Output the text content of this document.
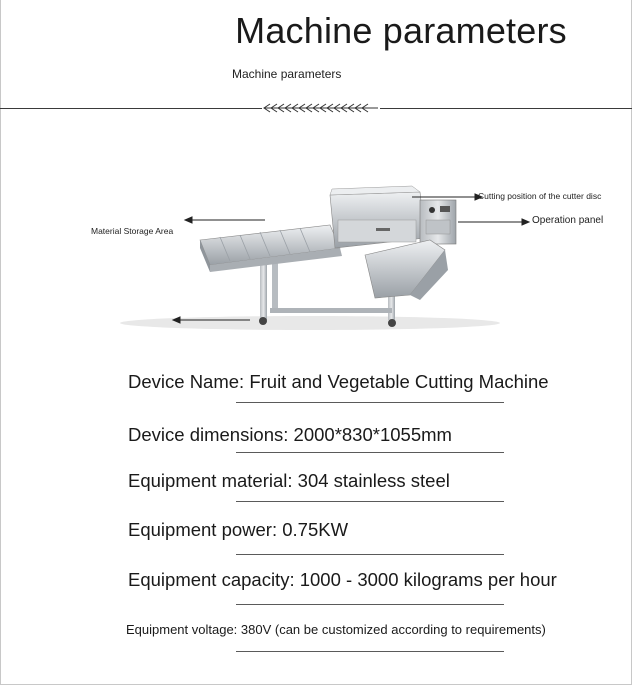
Machine parameters
Machine parameters
Cutting position of the cutter disc
Operation panel
Material Storage Area
Device Name: Fruit and Vegetable Cutting Machine
Device dimensions: 2000*830*1055mm
Equipment material: 304 stainless steel
Equipment power: 0.75KW
Equipment capacity: 1000 - 3000 kilograms per hour
Equipment voltage: 380V (can be customized according to requirements)
